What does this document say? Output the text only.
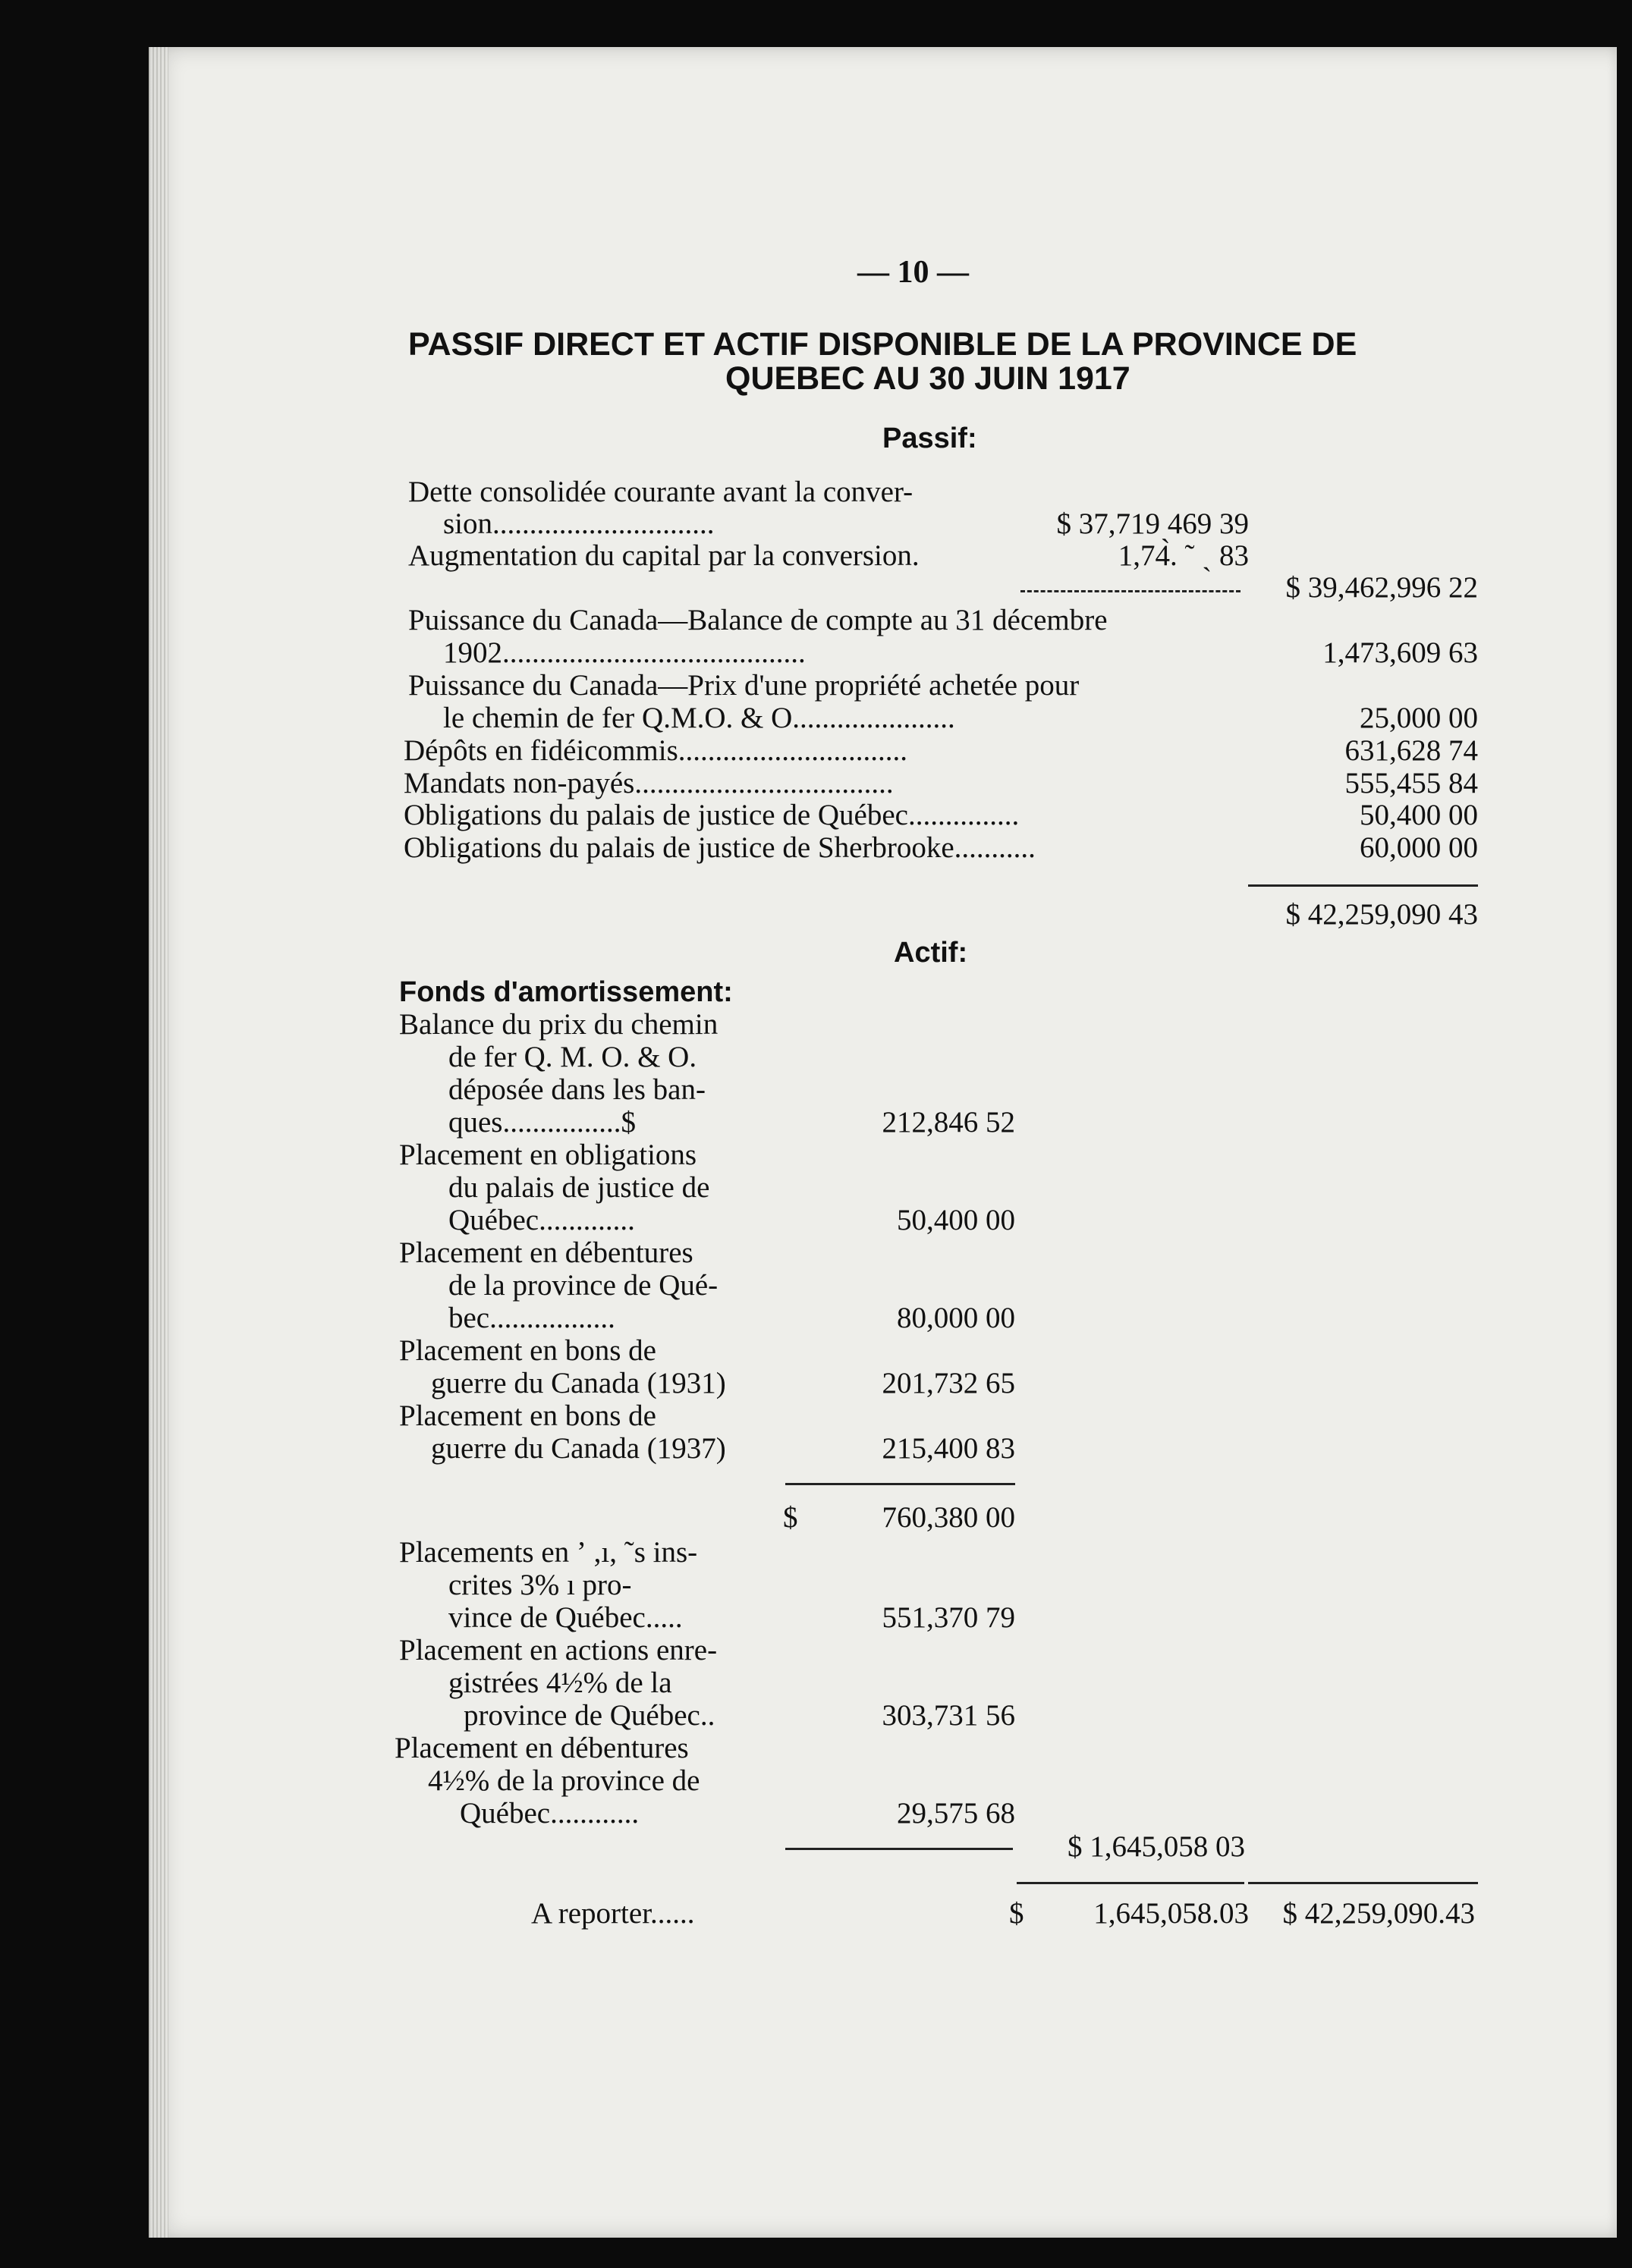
— 10 —
PASSIF DIRECT ET ACTIF DISPONIBLE DE LA PROVINCE DE
QUEBEC AU 30 JUIN 1917
Passif:
Dette consolidée courante avant la conver-
sion..............................	$ 37,719 469 39
Augmentation du capital par la conversion.	1,74̀. ˜ ˎ 83
$ 39,462,996 22
Puissance du Canada—Balance de compte au 31 décembre
1902.........................................	1,473,609 63
Puissance du Canada—Prix d'une propriété achetée pour
le chemin de fer Q.M.O. & O......................	25,000 00
Dépôts en fidéicommis...............................	631,628 74
Mandats non-payés...................................	555,455 84
Obligations du palais de justice de Québec...............	50,400 00
Obligations du palais de justice de Sherbrooke...........	60,000 00
$ 42,259,090 43
Actif:
Fonds d'amortissement:
Balance du prix du chemin
de fer Q. M. O. & O.
déposée dans les ban-
ques................$	212,846 52
Placement en obligations
du palais de justice de
Québec.............	50,400 00
Placement en débentures
de la province de Qué-
bec.................	80,000 00
Placement en bons de
guerre du Canada (1931)	201,732 65
Placement en bons de
guerre du Canada (1937)	215,400 83
$	760,380 00
Placements en ʼ ,ı, ˜s ins-
crites 3% ı pro-
vince de Québec.....	551,370 79
Placement en actions enre-
gistrées 4½% de la
province de Québec..	303,731 56
Placement en débentures
4½% de la province de
Québec............	29,575 68
$ 1,645,058 03
A reporter......	$ 1,645,058.03 $ 42,259,090.43
